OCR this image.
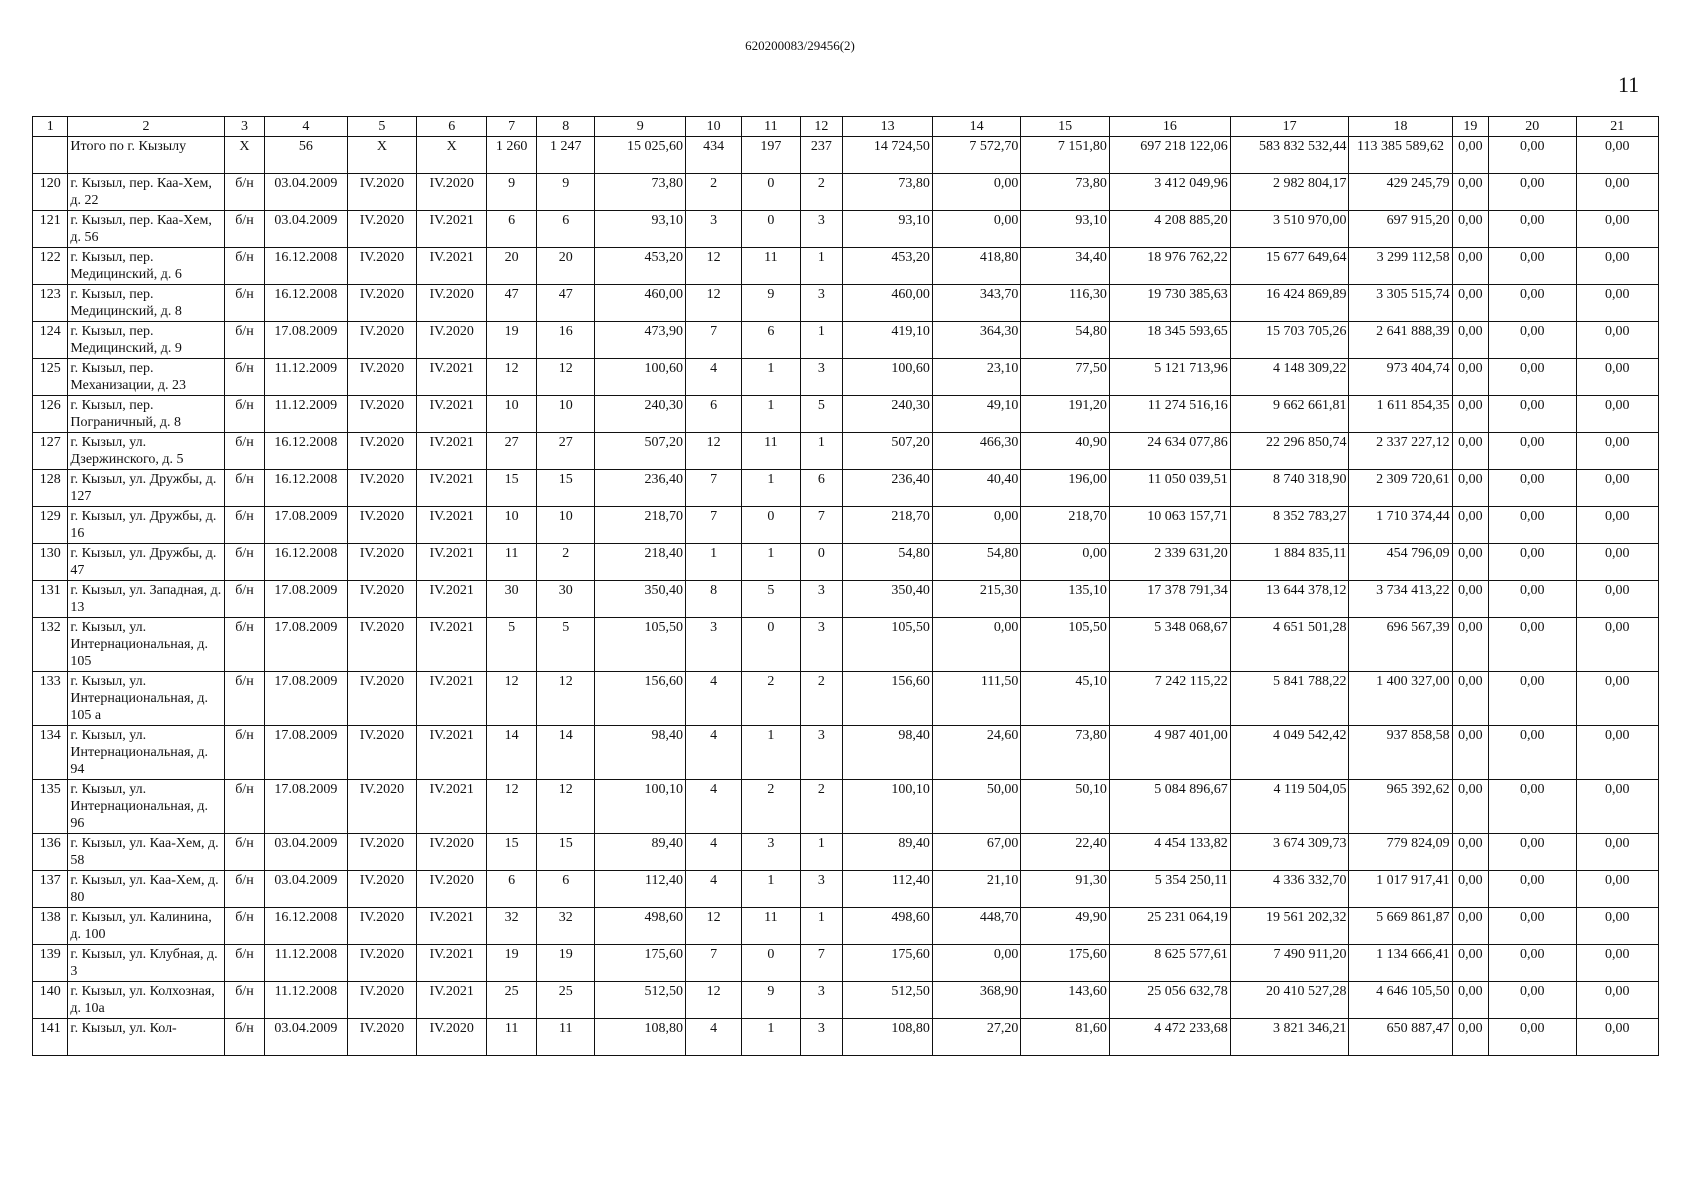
620200083/29456(2)
11
1	2	3	4	5	6	7	8	9	10	11	12	13	14	15	16	17	18	19	20	21
	Итого по г. Кызылу	X	56	X	X	1 260	1 247	15 025,60	434	197	237	14 724,50	7 572,70	7 151,80	697 218 122,06	583 832 532,44	113 385 589,62	0,00	0,00	0,00
120	г. Кызыл, пер. Каа-Хем, д. 22	б/н	03.04.2009	IV.2020	IV.2020	9	9	73,80	2	0	2	73,80	0,00	73,80	3 412 049,96	2 982 804,17	429 245,79	0,00	0,00	0,00
121	г. Кызыл, пер. Каа-Хем, д. 56	б/н	03.04.2009	IV.2020	IV.2021	6	6	93,10	3	0	3	93,10	0,00	93,10	4 208 885,20	3 510 970,00	697 915,20	0,00	0,00	0,00
122	г. Кызыл, пер. Медицинский, д. 6	б/н	16.12.2008	IV.2020	IV.2021	20	20	453,20	12	11	1	453,20	418,80	34,40	18 976 762,22	15 677 649,64	3 299 112,58	0,00	0,00	0,00
123	г. Кызыл, пер. Медицинский, д. 8	б/н	16.12.2008	IV.2020	IV.2020	47	47	460,00	12	9	3	460,00	343,70	116,30	19 730 385,63	16 424 869,89	3 305 515,74	0,00	0,00	0,00
124	г. Кызыл, пер. Медицинский, д. 9	б/н	17.08.2009	IV.2020	IV.2020	19	16	473,90	7	6	1	419,10	364,30	54,80	18 345 593,65	15 703 705,26	2 641 888,39	0,00	0,00	0,00
125	г. Кызыл, пер. Механизации, д. 23	б/н	11.12.2009	IV.2020	IV.2021	12	12	100,60	4	1	3	100,60	23,10	77,50	5 121 713,96	4 148 309,22	973 404,74	0,00	0,00	0,00
126	г. Кызыл, пер. Пограничный, д. 8	б/н	11.12.2009	IV.2020	IV.2021	10	10	240,30	6	1	5	240,30	49,10	191,20	11 274 516,16	9 662 661,81	1 611 854,35	0,00	0,00	0,00
127	г. Кызыл, ул. Дзержинского, д. 5	б/н	16.12.2008	IV.2020	IV.2021	27	27	507,20	12	11	1	507,20	466,30	40,90	24 634 077,86	22 296 850,74	2 337 227,12	0,00	0,00	0,00
128	г. Кызыл, ул. Дружбы, д. 127	б/н	16.12.2008	IV.2020	IV.2021	15	15	236,40	7	1	6	236,40	40,40	196,00	11 050 039,51	8 740 318,90	2 309 720,61	0,00	0,00	0,00
129	г. Кызыл, ул. Дружбы, д. 16	б/н	17.08.2009	IV.2020	IV.2021	10	10	218,70	7	0	7	218,70	0,00	218,70	10 063 157,71	8 352 783,27	1 710 374,44	0,00	0,00	0,00
130	г. Кызыл, ул. Дружбы, д. 47	б/н	16.12.2008	IV.2020	IV.2021	11	2	218,40	1	1	0	54,80	54,80	0,00	2 339 631,20	1 884 835,11	454 796,09	0,00	0,00	0,00
131	г. Кызыл, ул. Западная, д. 13	б/н	17.08.2009	IV.2020	IV.2021	30	30	350,40	8	5	3	350,40	215,30	135,10	17 378 791,34	13 644 378,12	3 734 413,22	0,00	0,00	0,00
132	г. Кызыл, ул. Интернациональная, д. 105	б/н	17.08.2009	IV.2020	IV.2021	5	5	105,50	3	0	3	105,50	0,00	105,50	5 348 068,67	4 651 501,28	696 567,39	0,00	0,00	0,00
133	г. Кызыл, ул. Интернациональная, д. 105 а	б/н	17.08.2009	IV.2020	IV.2021	12	12	156,60	4	2	2	156,60	111,50	45,10	7 242 115,22	5 841 788,22	1 400 327,00	0,00	0,00	0,00
134	г. Кызыл, ул. Интернациональная, д. 94	б/н	17.08.2009	IV.2020	IV.2021	14	14	98,40	4	1	3	98,40	24,60	73,80	4 987 401,00	4 049 542,42	937 858,58	0,00	0,00	0,00
135	г. Кызыл, ул. Интернациональная, д. 96	б/н	17.08.2009	IV.2020	IV.2021	12	12	100,10	4	2	2	100,10	50,00	50,10	5 084 896,67	4 119 504,05	965 392,62	0,00	0,00	0,00
136	г. Кызыл, ул. Каа-Хем, д. 58	б/н	03.04.2009	IV.2020	IV.2020	15	15	89,40	4	3	1	89,40	67,00	22,40	4 454 133,82	3 674 309,73	779 824,09	0,00	0,00	0,00
137	г. Кызыл, ул. Каа-Хем, д. 80	б/н	03.04.2009	IV.2020	IV.2020	6	6	112,40	4	1	3	112,40	21,10	91,30	5 354 250,11	4 336 332,70	1 017 917,41	0,00	0,00	0,00
138	г. Кызыл, ул. Калинина, д. 100	б/н	16.12.2008	IV.2020	IV.2021	32	32	498,60	12	11	1	498,60	448,70	49,90	25 231 064,19	19 561 202,32	5 669 861,87	0,00	0,00	0,00
139	г. Кызыл, ул. Клубная, д. 3	б/н	11.12.2008	IV.2020	IV.2021	19	19	175,60	7	0	7	175,60	0,00	175,60	8 625 577,61	7 490 911,20	1 134 666,41	0,00	0,00	0,00
140	г. Кызыл, ул. Колхозная, д. 10а	б/н	11.12.2008	IV.2020	IV.2021	25	25	512,50	12	9	3	512,50	368,90	143,60	25 056 632,78	20 410 527,28	4 646 105,50	0,00	0,00	0,00
141	г. Кызыл, ул. Кол-	б/н	03.04.2009	IV.2020	IV.2020	11	11	108,80	4	1	3	108,80	27,20	81,60	4 472 233,68	3 821 346,21	650 887,47	0,00	0,00	0,00
